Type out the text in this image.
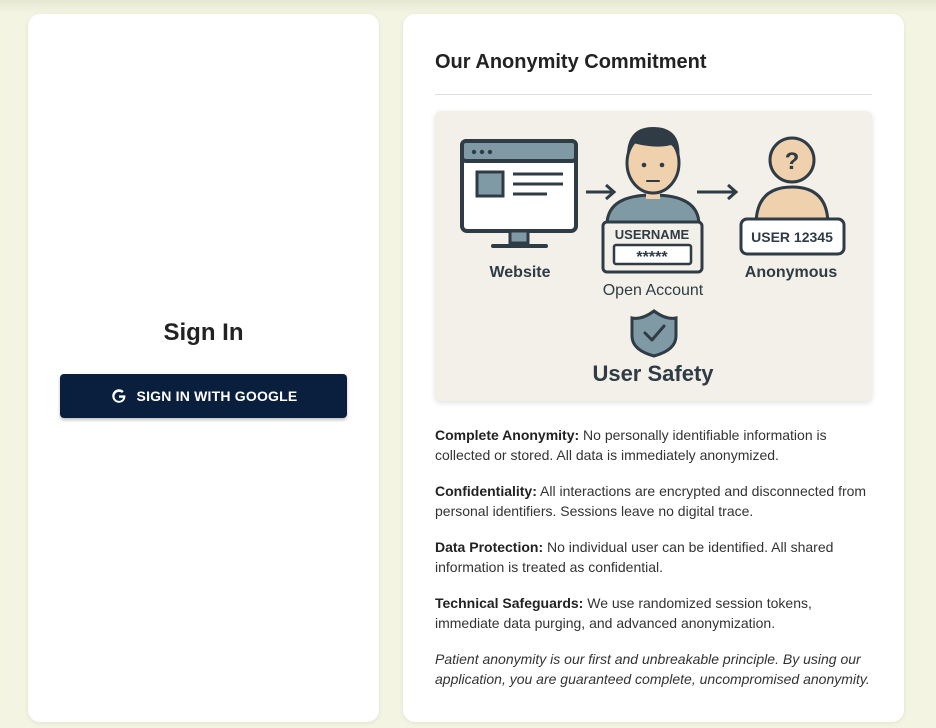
Sign In
SIGN IN WITH GOOGLE
Our Anonymity Commitment
Website
USERNAME
*****
Open Account
?
USER 12345
Anonymous
User Safety

Complete Anonymity: No personally identifiable information is collected or stored. All data is immediately anonymized.

Confidentiality: All interactions are encrypted and disconnected from personal identifiers. Sessions leave no digital trace.

Data Protection: No individual user can be identified. All shared information is treated as confidential.

Technical Safeguards: We use randomized session tokens, immediate data purging, and advanced anonymization.

Patient anonymity is our first and unbreakable principle. By using our application, you are guaranteed complete, uncompromised anonymity.
